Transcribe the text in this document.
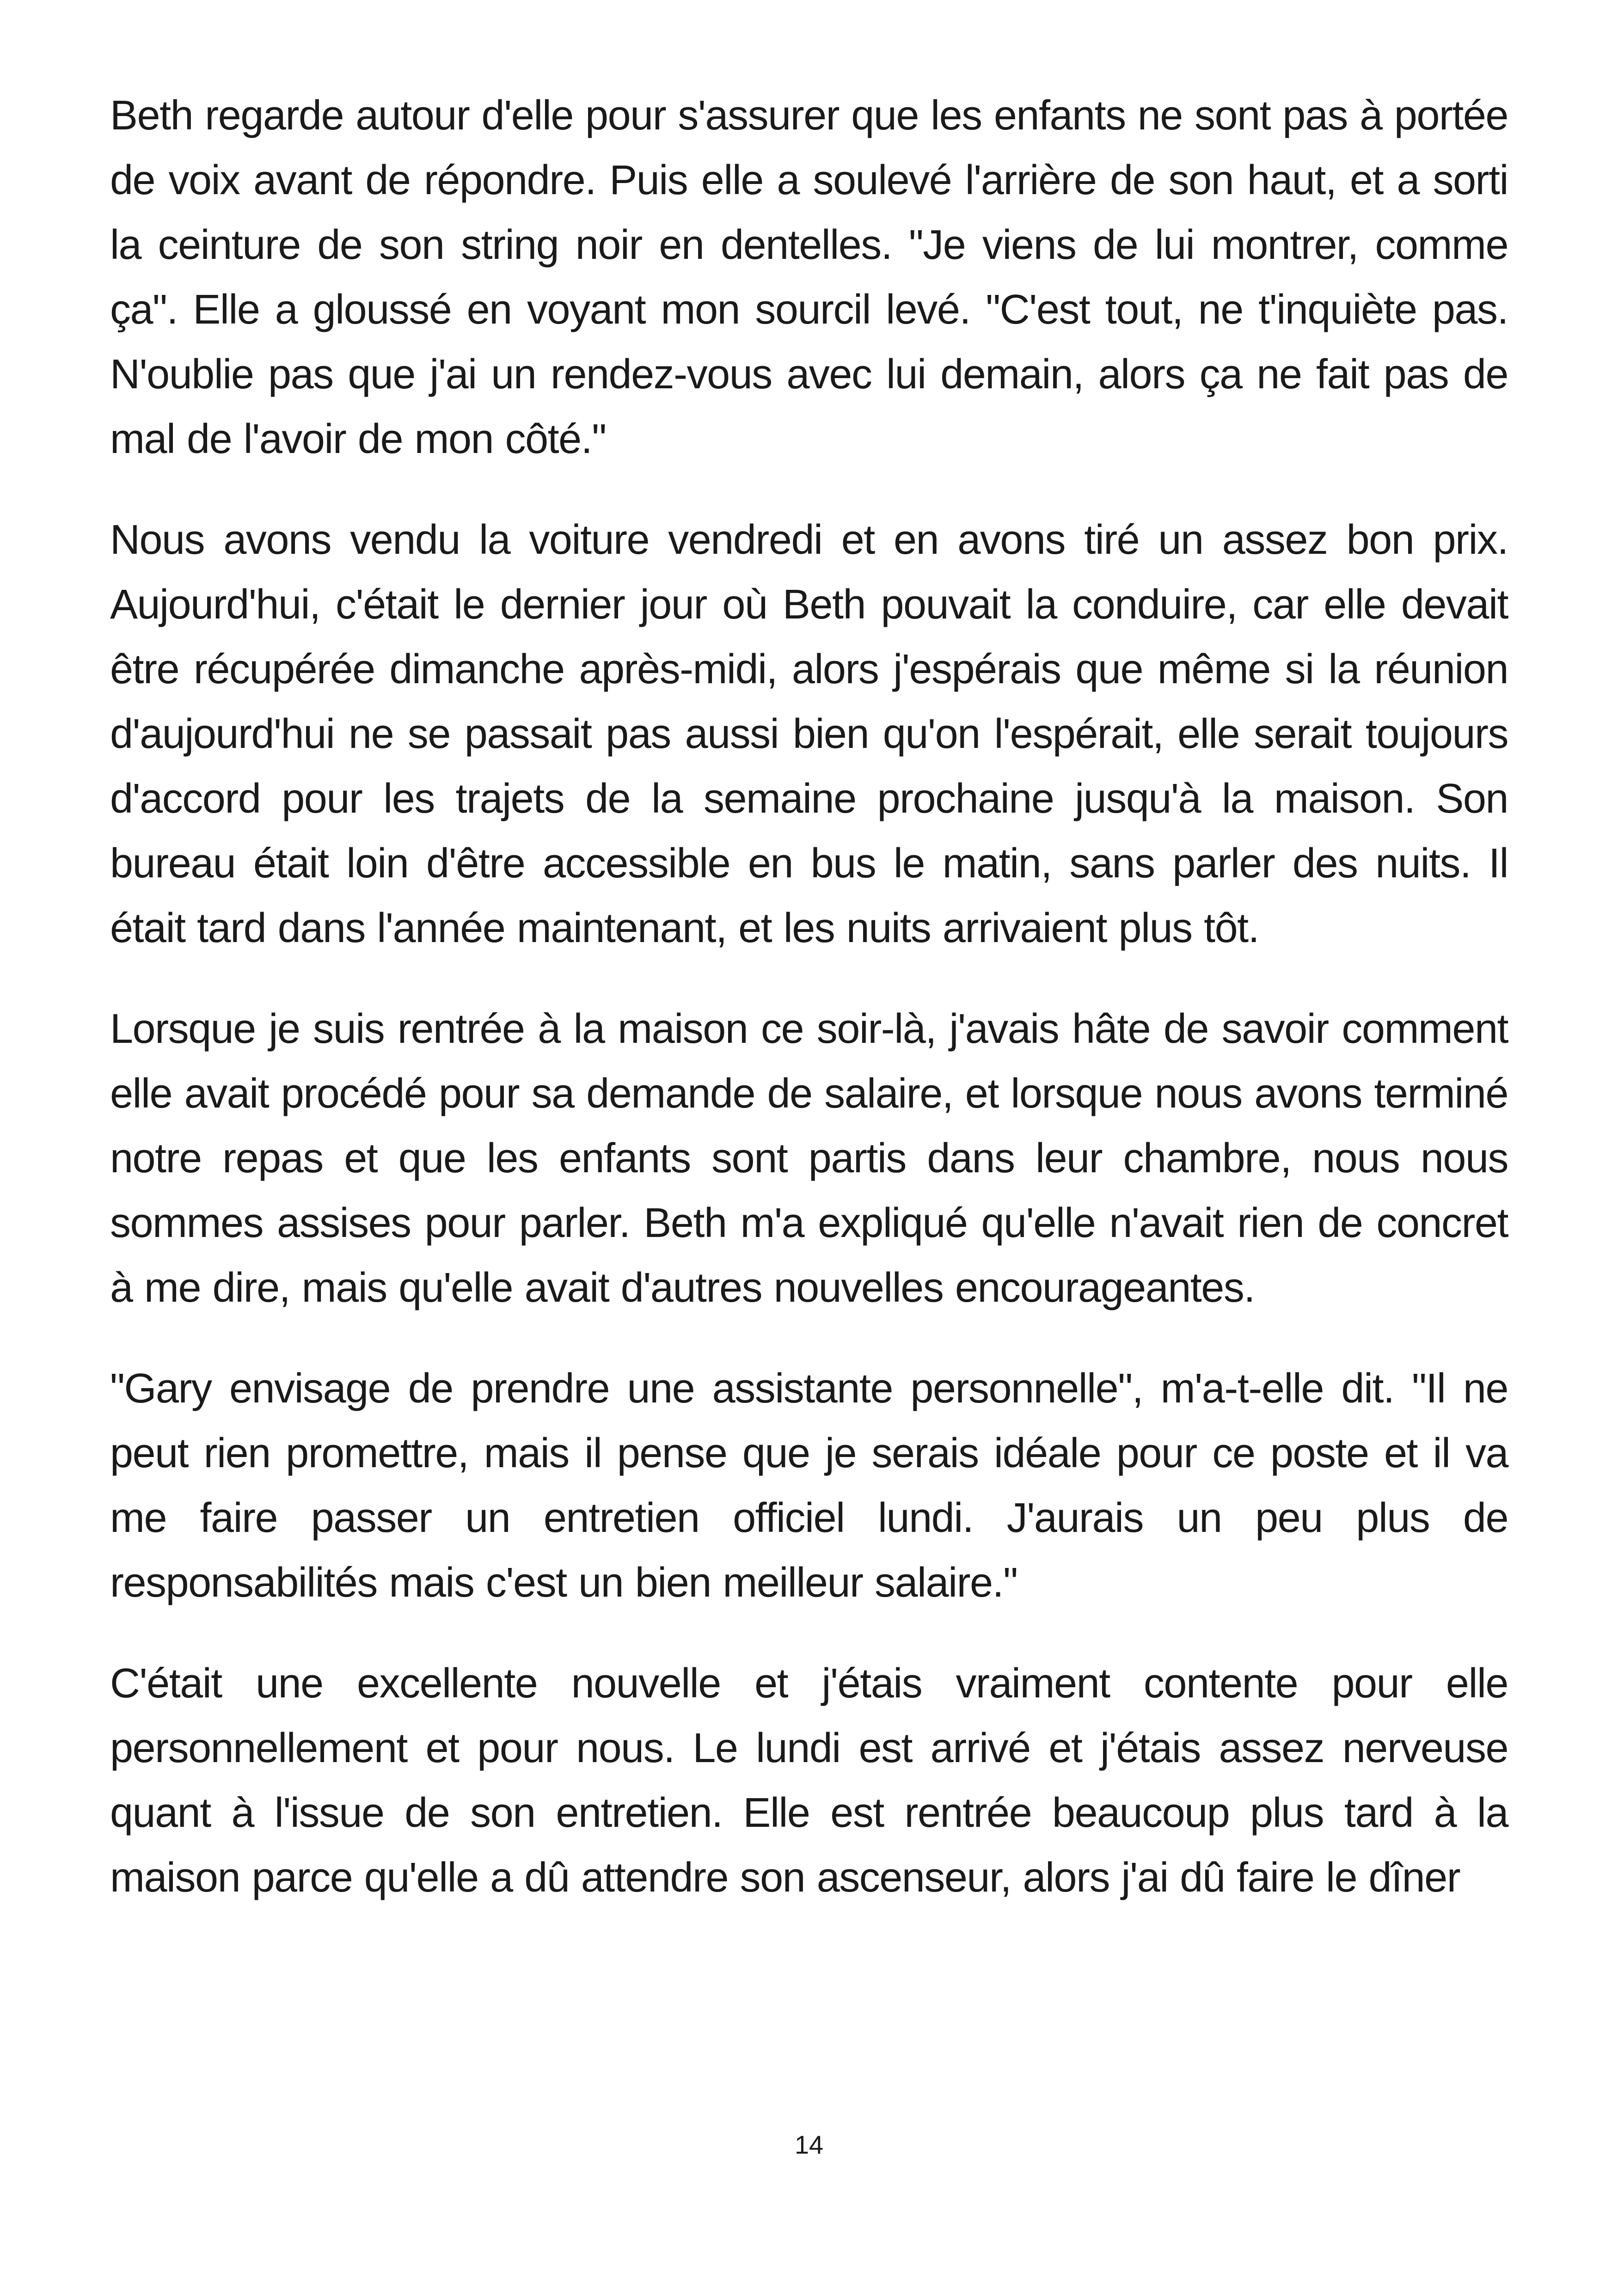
Beth regarde autour d'elle pour s'assurer que les enfants ne sont pas à portée de voix avant de répondre. Puis elle a soulevé l'arrière de son haut, et a sorti la ceinture de son string noir en dentelles. "Je viens de lui montrer, comme ça". Elle a gloussé en voyant mon sourcil levé. "C'est tout, ne t'inquiète pas. N'oublie pas que j'ai un rendez-vous avec lui demain, alors ça ne fait pas de mal de l'avoir de mon côté."

Nous avons vendu la voiture vendredi et en avons tiré un assez bon prix. Aujourd'hui, c'était le dernier jour où Beth pouvait la conduire, car elle devait être récupérée dimanche après-midi, alors j'espérais que même si la réunion d'aujourd'hui ne se passait pas aussi bien qu'on l'espérait, elle serait toujours d'accord pour les trajets de la semaine prochaine jusqu'à la maison. Son bureau était loin d'être accessible en bus le matin, sans parler des nuits. Il était tard dans l'année maintenant, et les nuits arrivaient plus tôt.

Lorsque je suis rentrée à la maison ce soir-là, j'avais hâte de savoir comment elle avait procédé pour sa demande de salaire, et lorsque nous avons terminé notre repas et que les enfants sont partis dans leur chambre, nous nous sommes assises pour parler. Beth m'a expliqué qu'elle n'avait rien de concret à me dire, mais qu'elle avait d'autres nouvelles encourageantes.

"Gary envisage de prendre une assistante personnelle", m'a-t-elle dit. "Il ne peut rien promettre, mais il pense que je serais idéale pour ce poste et il va me faire passer un entretien officiel lundi. J'aurais un peu plus de responsabilités mais c'est un bien meilleur salaire."

C'était une excellente nouvelle et j'étais vraiment contente pour elle personnellement et pour nous. Le lundi est arrivé et j'étais assez nerveuse quant à l'issue de son entretien. Elle est rentrée beaucoup plus tard à la maison parce qu'elle a dû attendre son ascenseur, alors j'ai dû faire le dîner

14
